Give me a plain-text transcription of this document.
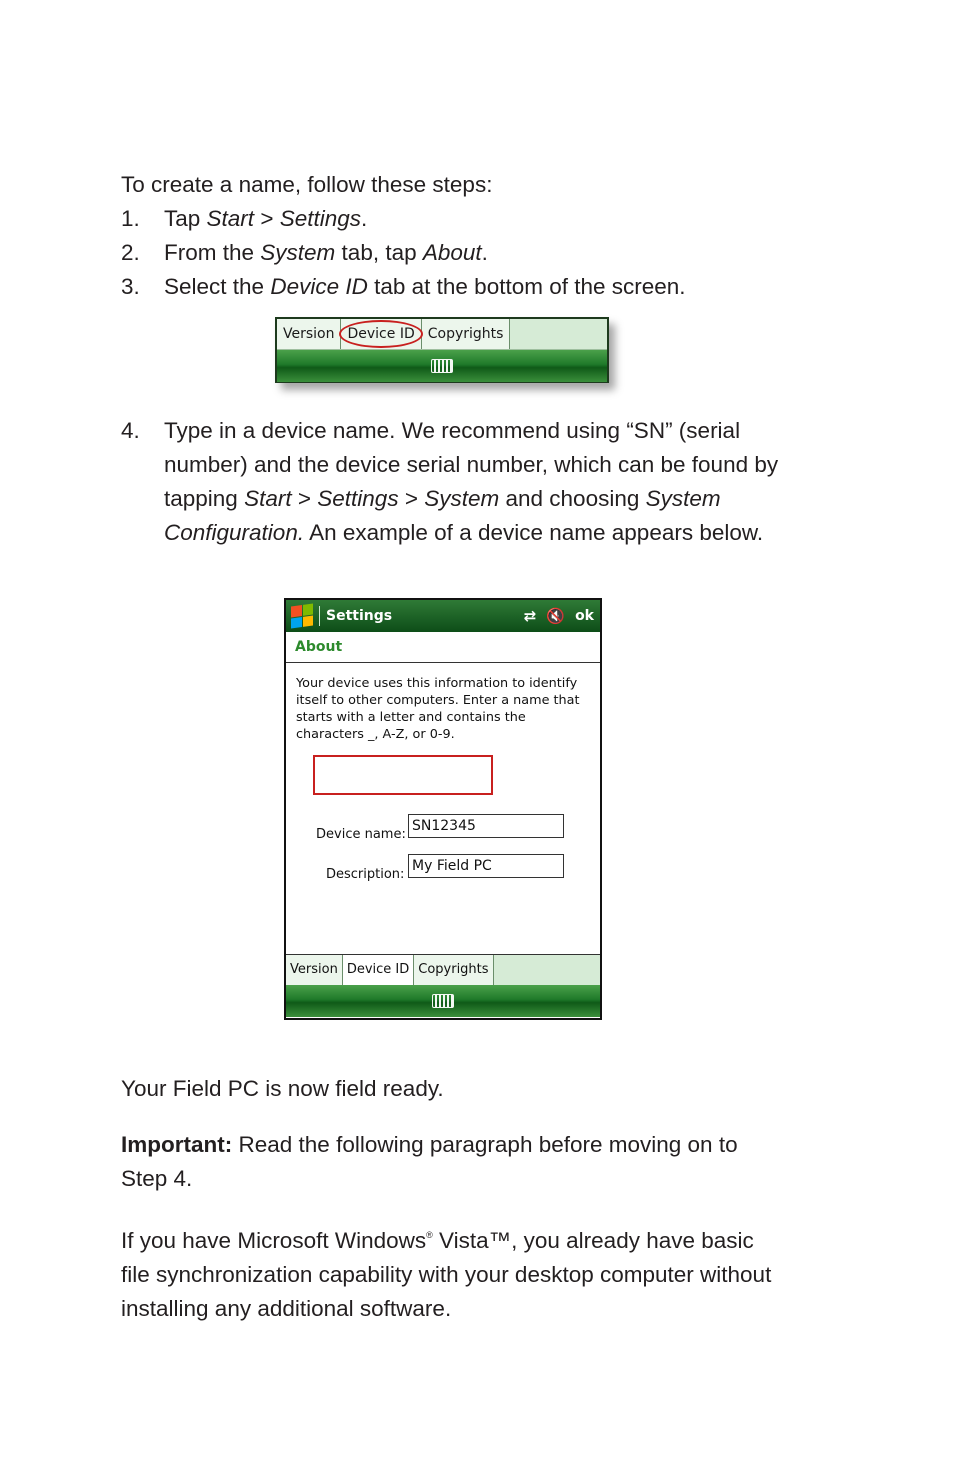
To create a name, follow these steps:

1. Tap Start > Settings.
2. From the System tab, tap About.
3. Select the Device ID tab at the bottom of the screen.
Version Device ID Copyrights
4. Type in a device name. We recommend using “SN” (serial number) and the device serial number, which can be found by tapping Start > Settings > System and choosing System Configuration. An example of a device name appears below.
Settings	⇄ 🔇 ok
About
Your device uses this information to identify itself to other computers. Enter a name that starts with a letter and contains the characters _, A-Z, or 0-9.
Device name:
SN12345
Description:
My Field PC
Version Device ID Copyrights

Your Field PC is now field ready.

Important: Read the following paragraph before moving on to Step 4.

If you have Microsoft Windows® Vista™, you already have basic file synchronization capability with your desktop computer without installing any additional software.
